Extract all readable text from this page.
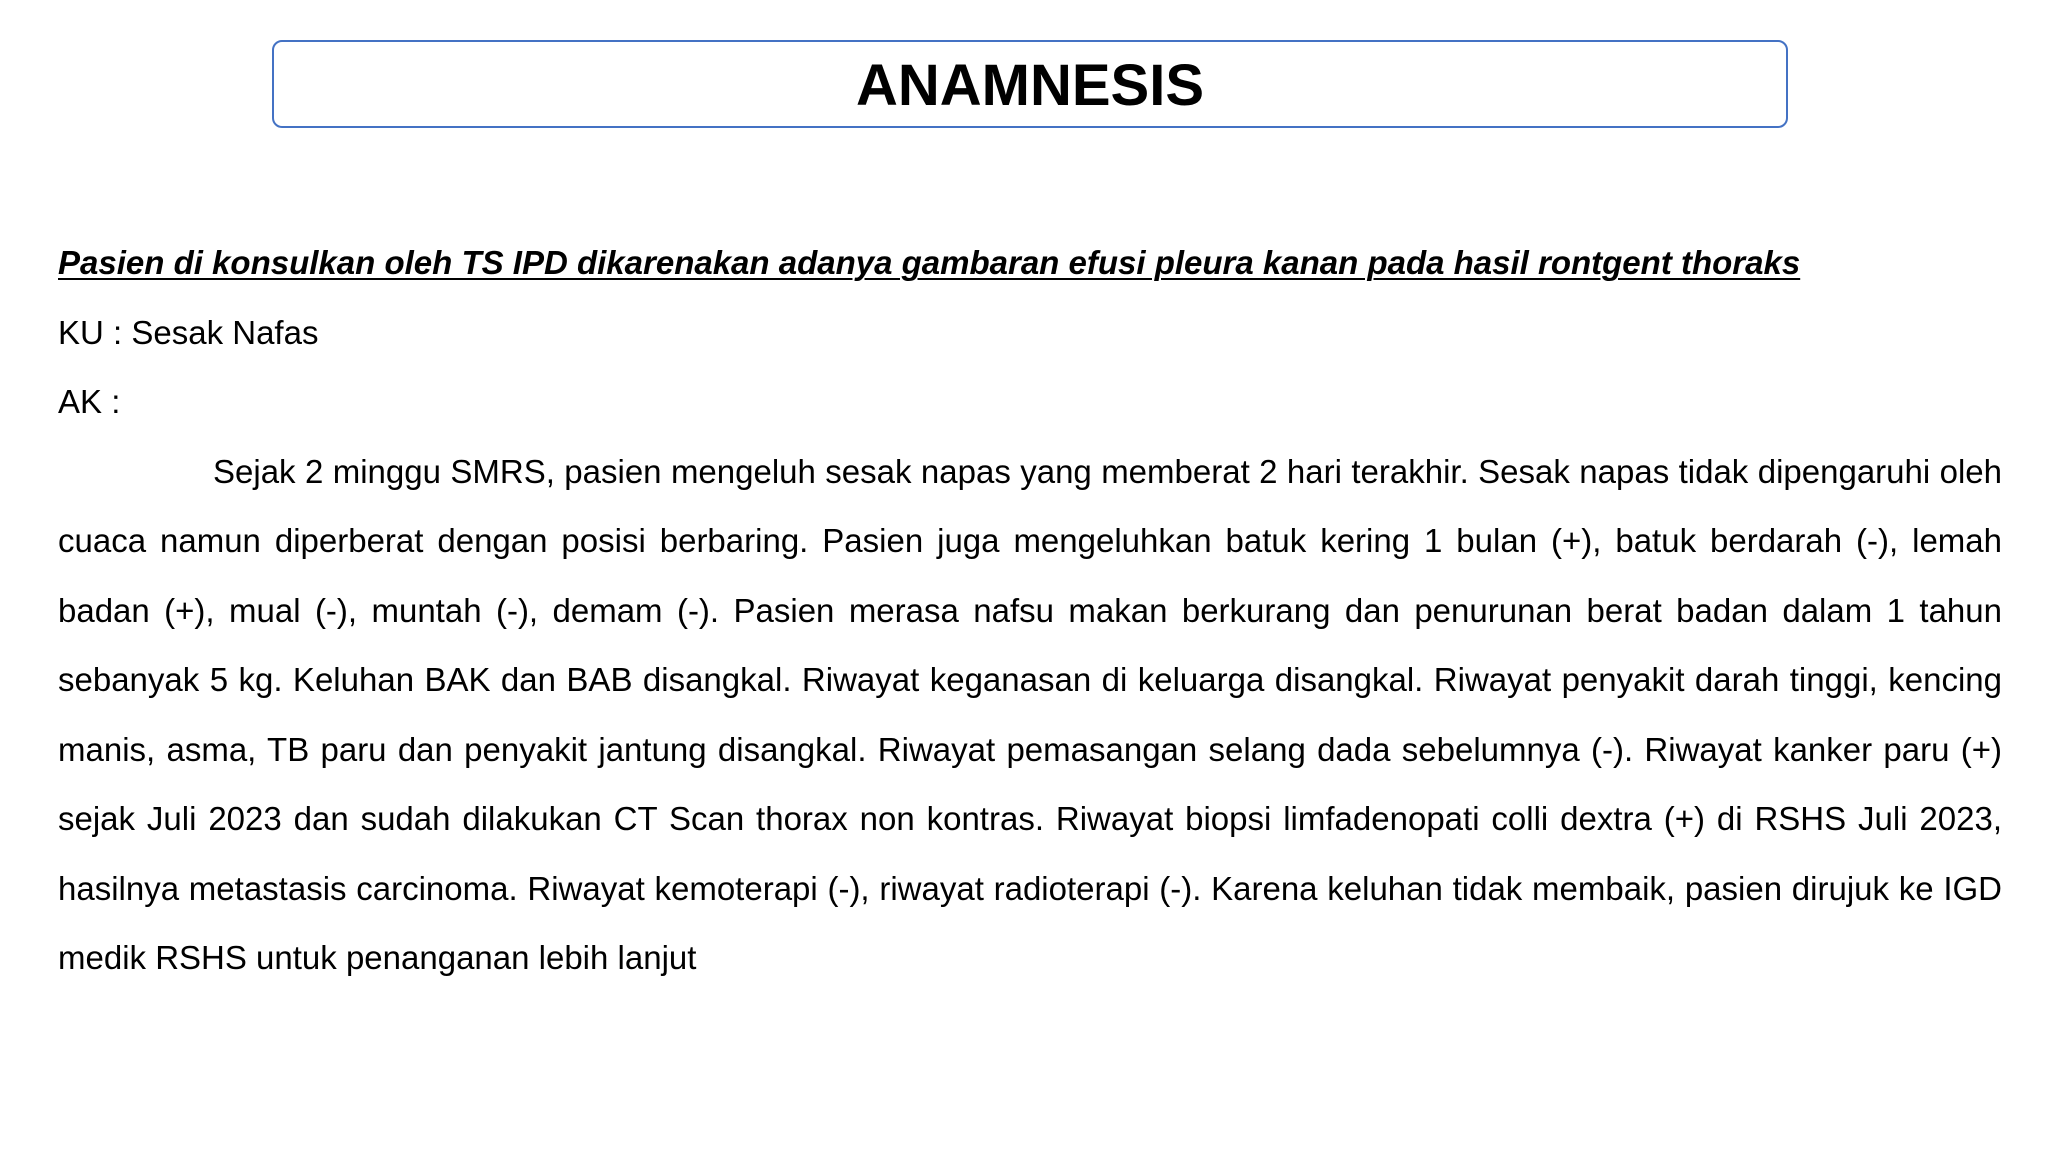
ANAMNESIS

Pasien di konsulkan oleh TS IPD dikarenakan adanya gambaran efusi pleura kanan pada hasil rontgent thoraks

KU : Sesak Nafas

AK :

Sejak 2 minggu SMRS, pasien mengeluh sesak napas yang memberat 2 hari terakhir. Sesak napas tidak dipengaruhi oleh cuaca namun diperberat dengan posisi berbaring. Pasien juga mengeluhkan batuk kering 1 bulan (+), batuk berdarah (-), lemah badan (+), mual (-), muntah (-), demam (-). Pasien merasa nafsu makan berkurang dan penurunan berat badan dalam 1 tahun sebanyak 5 kg. Keluhan BAK dan BAB disangkal. Riwayat keganasan di keluarga disangkal. Riwayat penyakit darah tinggi, kencing manis, asma, TB paru dan penyakit jantung disangkal. Riwayat pemasangan selang dada sebelumnya (-). Riwayat kanker paru (+) sejak Juli 2023 dan sudah dilakukan CT Scan thorax non kontras. Riwayat biopsi limfadenopati colli dextra (+) di RSHS Juli 2023, hasilnya metastasis carcinoma. Riwayat kemoterapi (-), riwayat radioterapi (-). Karena keluhan tidak membaik, pasien dirujuk ke IGD medik RSHS untuk penanganan lebih lanjut
